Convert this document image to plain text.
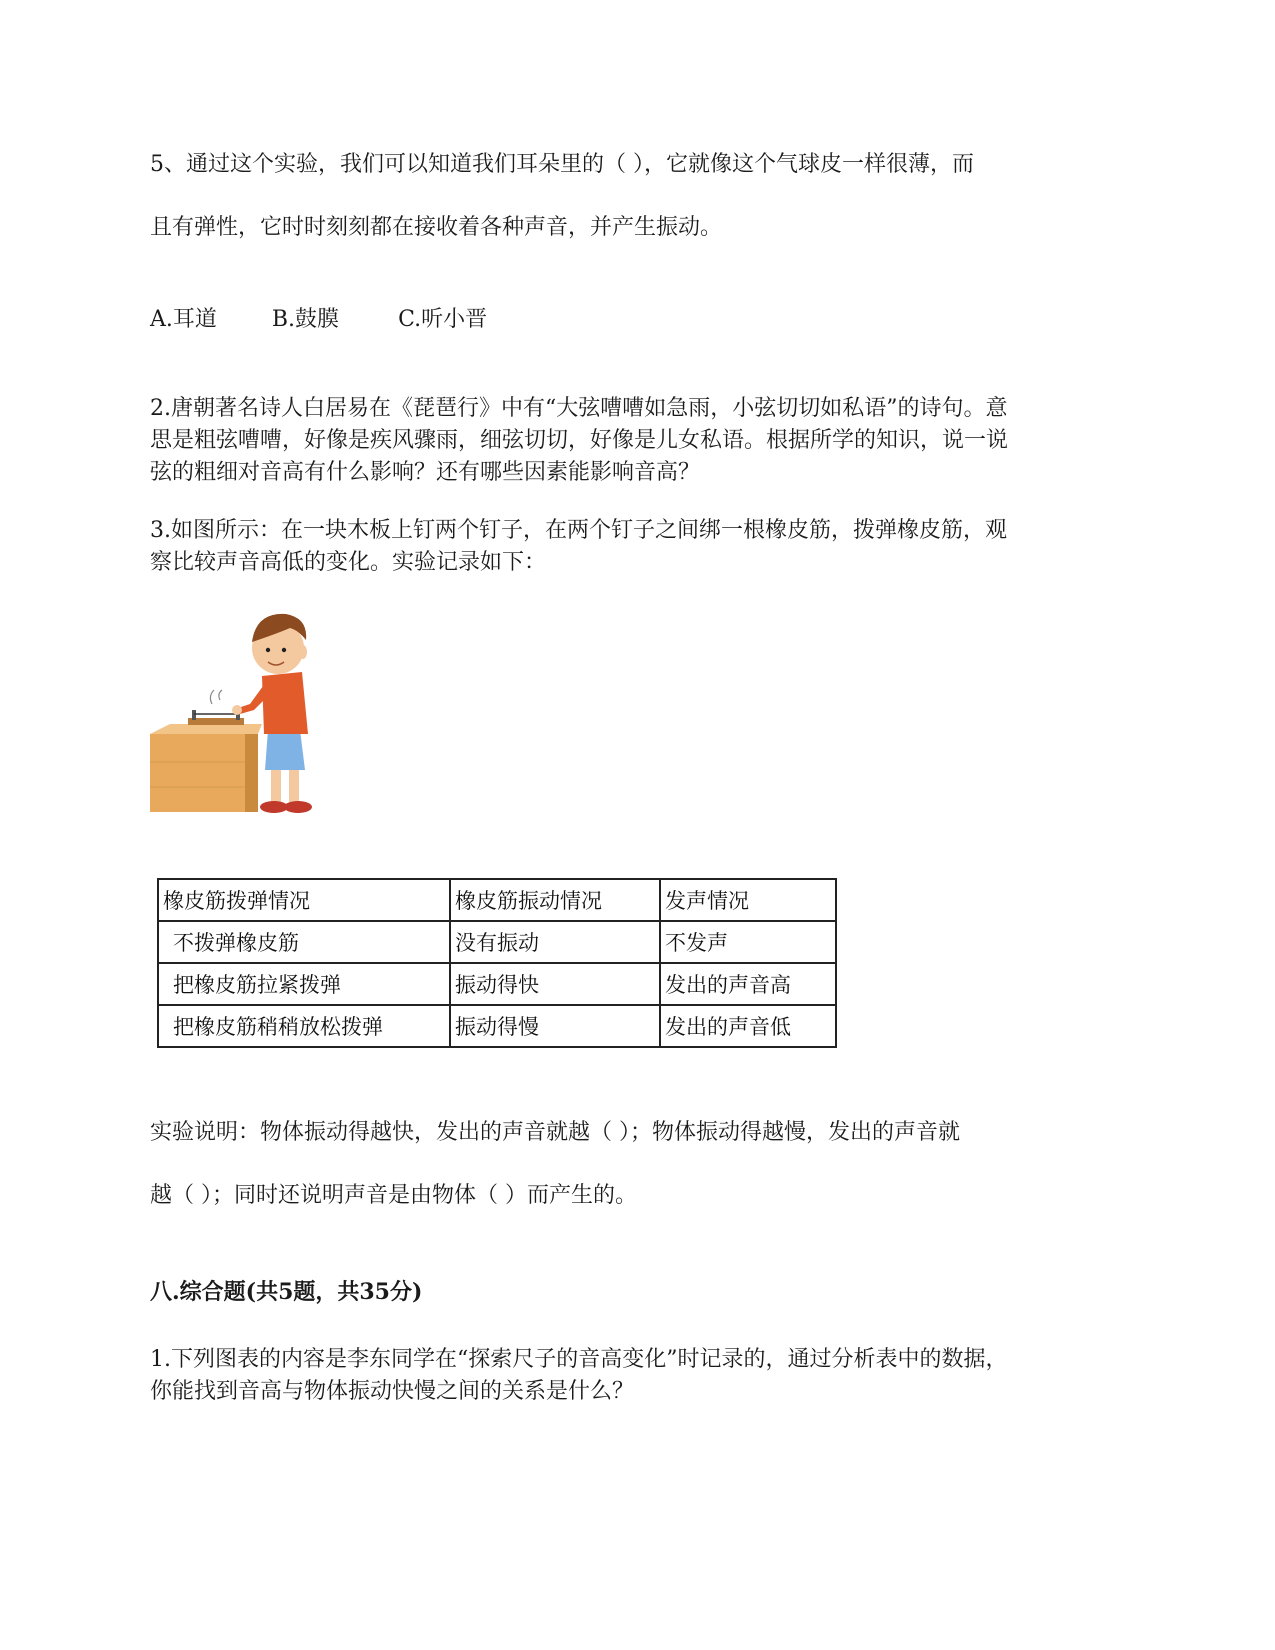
5、通过这个实验，我们可以知道我们耳朵里的（ ），它就像这个气球皮一样很薄，而
且有弹性，它时时刻刻都在接收着各种声音，并产生振动。
A.耳道	B.鼓膜	C.听小晋
2.唐朝著名诗人白居易在《琵琶行》中有“大弦嘈嘈如急雨，小弦切切如私语”的诗句。意
思是粗弦嘈嘈，好像是疾风骤雨，细弦切切，好像是儿女私语。根据所学的知识，说一说
弦的粗细对音高有什么影响？还有哪些因素能影响音高？
3.如图所示：在一块木板上钉两个钉子，在两个钉子之间绑一根橡皮筋，拨弹橡皮筋，观
察比较声音高低的变化。实验记录如下：
橡皮筋拨弹情况	橡皮筋振动情况	发声情况
不拨弹橡皮筋	没有振动	不发声
把橡皮筋拉紧拨弹	振动得快	发出的声音高
把橡皮筋稍稍放松拨弹	振动得慢	发出的声音低
实验说明：物体振动得越快，发出的声音就越（ ）；物体振动得越慢，发出的声音就
越（ ）；同时还说明声音是由物体（ ）而产生的。
八.综合题(共5题，共35分)
1.下列图表的内容是李东同学在“探索尺子的音高变化”时记录的，通过分析表中的数据，
你能找到音高与物体振动快慢之间的关系是什么？
